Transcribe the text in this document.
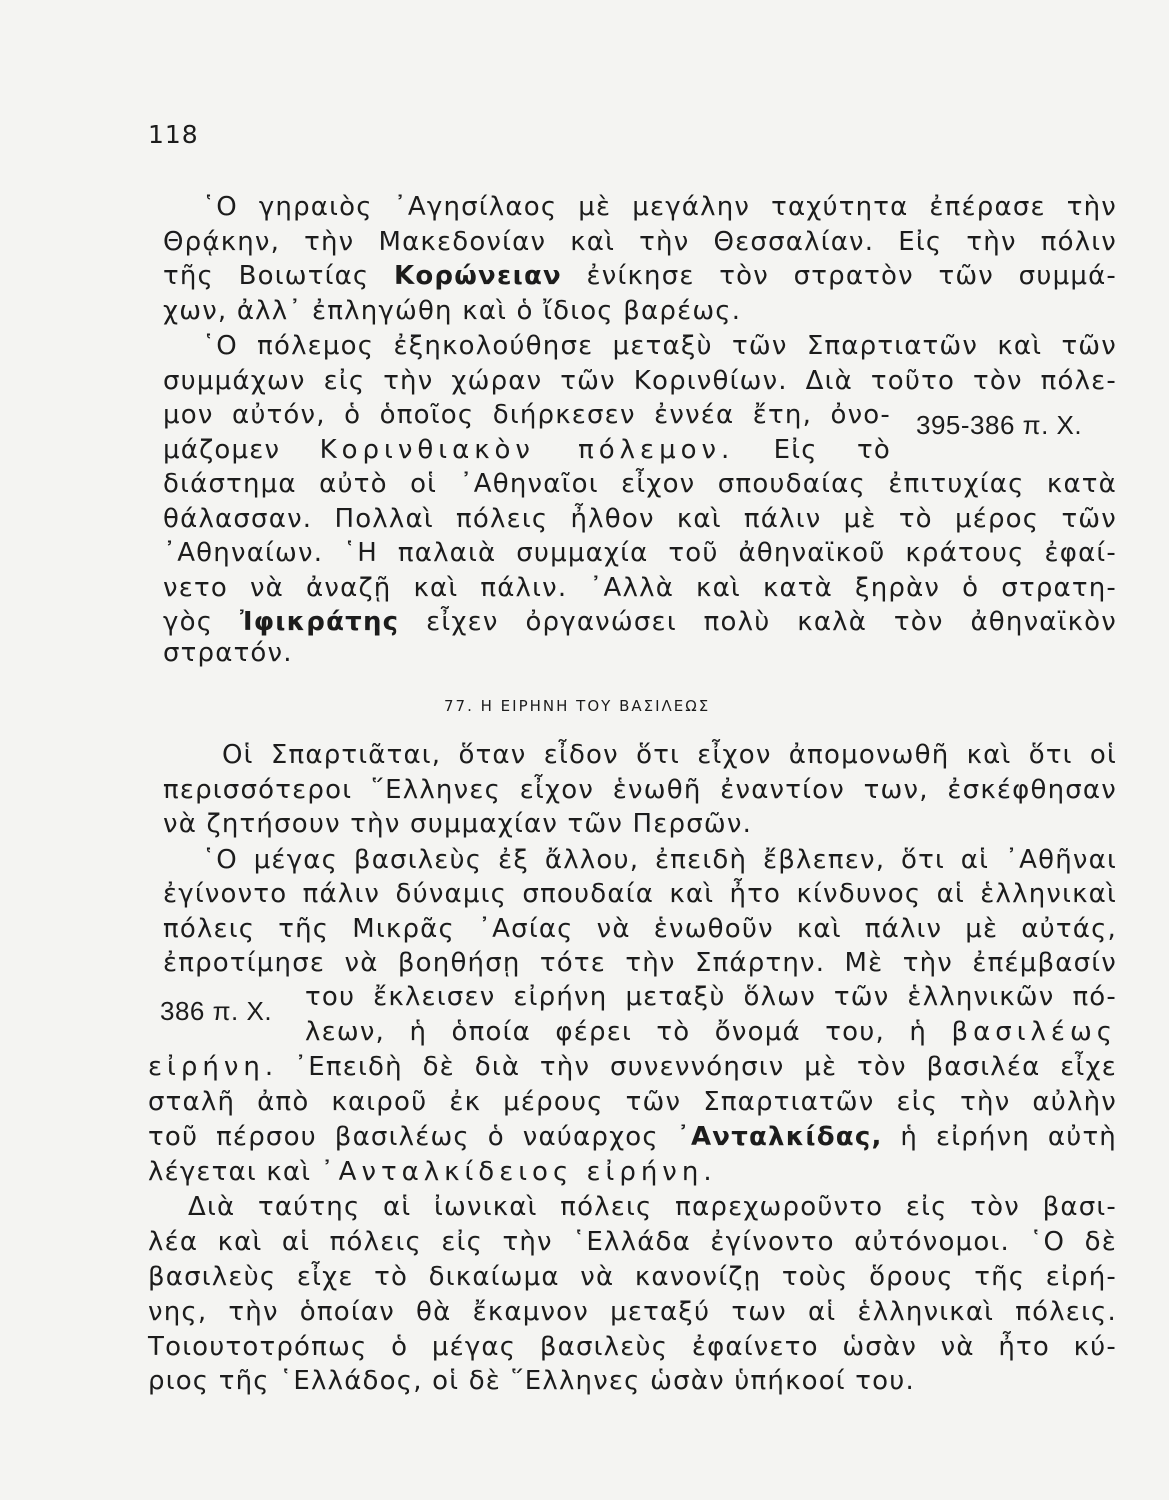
118
῾Ο γηραιὸς ᾿Αγησίλαος μὲ μεγάλην ταχύτητα ἐπέρασε τὴν
Θρᾴκην, τὴν Μακεδονίαν καὶ τὴν Θεσσαλίαν. Εἰς τὴν πόλιν
τῆς Βοιωτίας Κορώνειαν ἐνίκησε τὸν στρατὸν τῶν συμμά-
χων, ἀλλ᾿ ἐπληγώθη καὶ ὁ ἴδιος βαρέως.
῾Ο πόλεμος ἐξηκολούθησε μεταξὺ τῶν Σπαρτιατῶν καὶ τῶν
συμμάχων εἰς τὴν χώραν τῶν Κορινθίων. Διὰ τοῦτο τὸν πόλε-
μον αὐτόν, ὁ ὁποῖος διήρκεσεν ἐννέα ἔτη, ὀνο-
μάζομεν Κορινθιακὸν πόλεμον. Εἰς τὸ
395-386 π. Χ.
διάστημα αὐτὸ οἱ ᾿Αθηναῖοι εἶχον σπουδαίας ἐπιτυχίας κατὰ
θάλασσαν. Πολλαὶ πόλεις ἦλθον καὶ πάλιν μὲ τὸ μέρος τῶν
᾿Αθηναίων. ῾Η παλαιὰ συμμαχία τοῦ ἀθηναϊκοῦ κράτους ἐφαί-
νετο νὰ ἀναζῇ καὶ πάλιν. ᾿Αλλὰ καὶ κατὰ ξηρὰν ὁ στρατη-
γὸς Ἰφικράτης εἶχεν ὀργανώσει πολὺ καλὰ τὸν ἀθηναϊκὸν
στρατόν.
77. Η ΕΙΡΗΝΗ ΤΟΥ ΒΑΣΙΛΕΩΣ
Οἱ Σπαρτιᾶται, ὅταν εἶδον ὅτι εἶχον ἀπομονωθῆ καὶ ὅτι οἱ
περισσότεροι ῞Ελληνες εἶχον ἑνωθῆ ἐναντίον των, ἐσκέφθησαν
νὰ ζητήσουν τὴν συμμαχίαν τῶν Περσῶν.
῾Ο μέγας βασιλεὺς ἐξ ἄλλου, ἐπειδὴ ἔβλεπεν, ὅτι αἱ ᾿Αθῆναι
ἐγίνοντο πάλιν δύναμις σπουδαία καὶ ἦτο κίνδυνος αἱ ἑλληνικαὶ
πόλεις τῆς Μικρᾶς ᾿Ασίας νὰ ἑνωθοῦν καὶ πάλιν μὲ αὐτάς,
ἐπροτίμησε νὰ βοηθήσῃ τότε τὴν Σπάρτην. Μὲ τὴν ἐπέμβασίν
386 π. Χ. του ἔκλεισεν εἰρήνη μεταξὺ ὅλων τῶν ἑλληνικῶν πό-
λεων, ἡ ὁποία φέρει τὸ ὄνομά του, ἡ βασιλέως
εἰρήνη. ᾿Επειδὴ δὲ διὰ τὴν συνεννόησιν μὲ τὸν βασιλέα εἶχε
σταλῆ ἀπὸ καιροῦ ἐκ μέρους τῶν Σπαρτιατῶν εἰς τὴν αὐλὴν
τοῦ πέρσου βασιλέως ὁ ναύαρχος ᾿Ανταλκίδας, ἡ εἰρήνη αὐτὴ
λέγεται καὶ ᾿Ανταλκίδειος εἰρήνη.
Διὰ ταύτης αἱ ἰωνικαὶ πόλεις παρεχωροῦντο εἰς τὸν βασι-
λέα καὶ αἱ πόλεις εἰς τὴν ῾Ελλάδα ἐγίνοντο αὐτόνομοι. ῾Ο δὲ
βασιλεὺς εἶχε τὸ δικαίωμα νὰ κανονίζῃ τοὺς ὅρους τῆς εἰρή-
νης, τὴν ὁποίαν θὰ ἔκαμνον μεταξύ των αἱ ἑλληνικαὶ πόλεις.
Τοιουτοτρόπως ὁ μέγας βασιλεὺς ἐφαίνετο ὡσὰν νὰ ἦτο κύ-
ριος τῆς ῾Ελλάδος, οἱ δὲ ῞Ελληνες ὡσὰν ὑπήκοοί του.
